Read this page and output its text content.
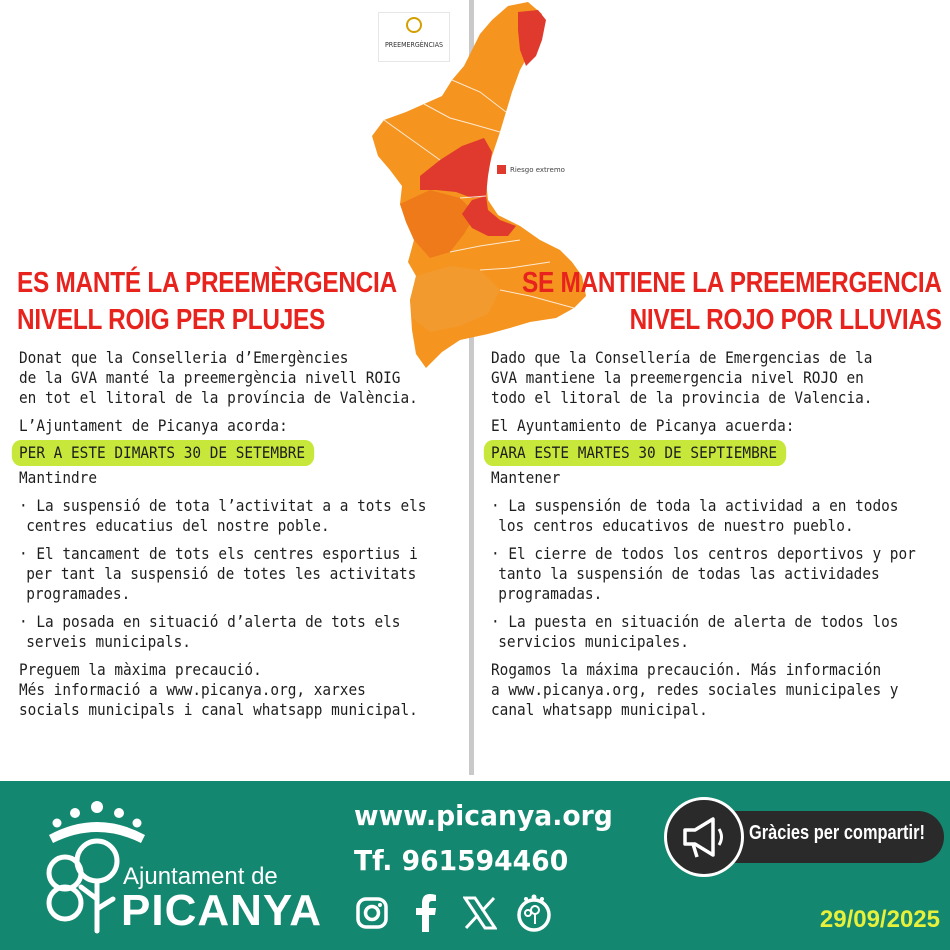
PREEMERGÈNCIAS
Riesgo extremo
ES MANTÉ LA PREEMÈRGENCIA
NIVELL ROIG PER PLUJES

Donat que la Conselleria d’Emergències

de la GVA manté la preemergència nivell ROIG

en tot el litoral de la província de València.

L’Ajuntament de Picanya acorda:

PER A ESTE DIMARTS 30 DE SETEMBRE

Mantindre

· La suspensió de tota l’activitat a a tots els

centres educatius del nostre poble.

· El tancament de tots els centres esportius i

per tant la suspensió de totes les activitats

programades.

· La posada en situació d’alerta de tots els

serveis municipals.

Preguem la màxima precaució.

Més informació a www.picanya.org, xarxes

socials municipals i canal whatsapp municipal.

SE MANTIENE LA PREEMERGENCIA
NIVEL ROJO POR LLUVIAS

Dado que la Consellería de Emergencias de la

GVA mantiene la preemergencia nivel ROJO en

todo el litoral de la provincia de Valencia.

El Ayuntamiento de Picanya acuerda:

PARA ESTE MARTES 30 DE SEPTIEMBRE

Mantener

· La suspensión de toda la actividad a en todos

los centros educativos de nuestro pueblo.

· El cierre de todos los centros deportivos y por

tanto la suspensión de todas las actividades

programadas.

· La puesta en situación de alerta de todos los

servicios municipales.

Rogamos la máxima precaución. Más información

a www.picanya.org, redes sociales municipales y

canal whatsapp municipal.

Ajuntament de
PICANYA
www.picanya.org
Tf. 961594460
Gràcies per compartir!
29/09/2025
